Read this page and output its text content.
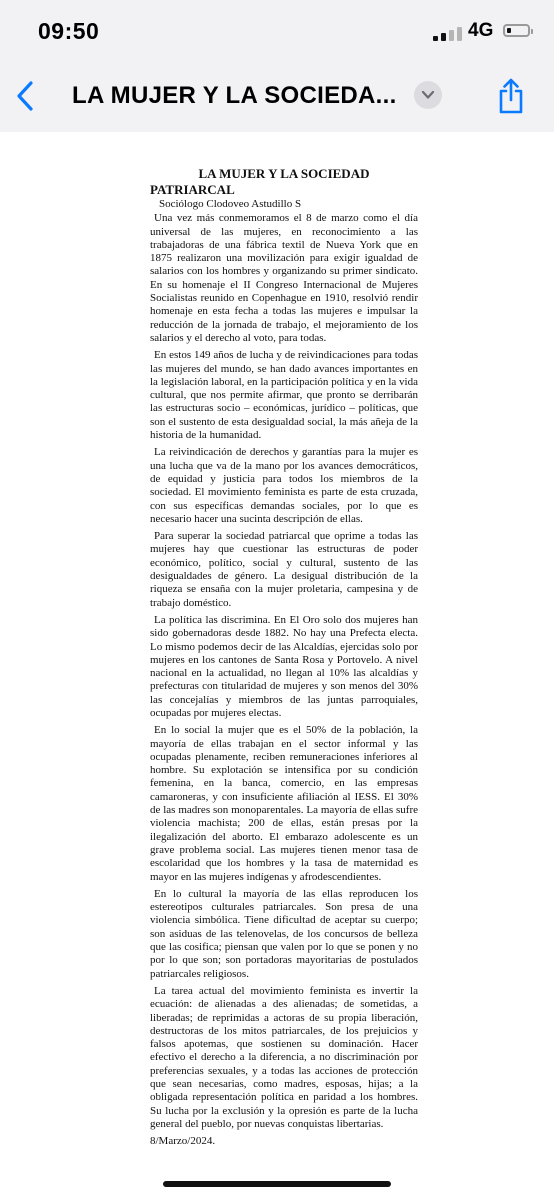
09:50	4G
LA MUJER Y LA SOCIEDA...

LA MUJER Y LA SOCIEDAD

PATRIARCAL

Sociólogo Clodoveo Astudillo S

Una vez más conmemoramos el 8 de marzo como el día universal de las mujeres, en reconocimiento a las trabajadoras de una fábrica textil de Nueva York que en 1875 realizaron una movilización para exigir igualdad de salarios con los hombres y organizando su primer sindicato. En su homenaje el II Congreso Internacional de Mujeres Socialistas reunido en Copenhague en 1910, resolvió rendir homenaje en esta fecha a todas las mujeres e impulsar la reducción de la jornada de trabajo, el mejoramiento de los salarios y el derecho al voto, para todas.

En estos 149 años de lucha y de reivindicaciones para todas las mujeres del mundo, se han dado avances importantes en la legislación laboral, en la participación política y en la vida cultural, que nos permite afirmar, que pronto se derribarán las estructuras socio – económicas, jurídico – políticas, que son el sustento de esta desigualdad social, la más añeja de la historia de la humanidad.

La reivindicación de derechos y garantías para la mujer es una lucha que va de la mano por los avances democráticos, de equidad y justicia para todos los miembros de la sociedad. El movimiento feminista es parte de esta cruzada, con sus específicas demandas sociales, por lo que es necesario hacer una sucinta descripción de ellas.

Para superar la sociedad patriarcal que oprime a todas las mujeres hay que cuestionar las estructuras de poder económico, político, social y cultural, sustento de las desigualdades de género. La desigual distribución de la riqueza se ensaña con la mujer proletaria, campesina y de trabajo doméstico.

La política las discrimina. En El Oro solo dos mujeres han sido gobernadoras desde 1882. No hay una Prefecta electa. Lo mismo podemos decir de las Alcaldías, ejercidas solo por mujeres en los cantones de Santa Rosa y Portovelo. A nivel nacional en la actualidad, no llegan al 10% las alcaldías y prefecturas con titularidad de mujeres y son menos del 30% las concejalías y miembros de las juntas parroquiales, ocupadas por mujeres electas.

En lo social la mujer que es el 50% de la población, la mayoría de ellas trabajan en el sector informal y las ocupadas plenamente, reciben remuneraciones inferiores al hombre. Su explotación se intensifica por su condición femenina, en la banca, comercio, en las empresas camaroneras, y con insuficiente afiliación al IESS. El 30% de las madres son monoparentales. La mayoría de ellas sufre violencia machista; 200 de ellas, están presas por la ilegalización del aborto. El embarazo adolescente es un grave problema social. Las mujeres tienen menor tasa de escolaridad que los hombres y la tasa de maternidad es mayor en las mujeres indígenas y afrodescendientes.

En lo cultural la mayoría de las ellas reproducen los estereotipos culturales patriarcales. Son presa de una violencia simbólica. Tiene dificultad de aceptar su cuerpo; son asiduas de las telenovelas, de los concursos de belleza que las cosifica; piensan que valen por lo que se ponen y no por lo que son; son portadoras mayoritarias de postulados patriarcales religiosos.

La tarea actual del movimiento feminista es invertir la ecuación: de alienadas a des alienadas; de sometidas, a liberadas; de reprimidas a actoras de su propia liberación, destructoras de los mitos patriarcales, de los prejuicios y falsos apotemas, que sostienen su dominación. Hacer efectivo el derecho a la diferencia, a no discriminación por preferencias sexuales, y a todas las acciones de protección que sean necesarias, como madres, esposas, hijas; a la obligada representación política en paridad a los hombres. Su lucha por la exclusión y la opresión es parte de la lucha general del pueblo, por nuevas conquistas libertarias.

8/Marzo/2024.
